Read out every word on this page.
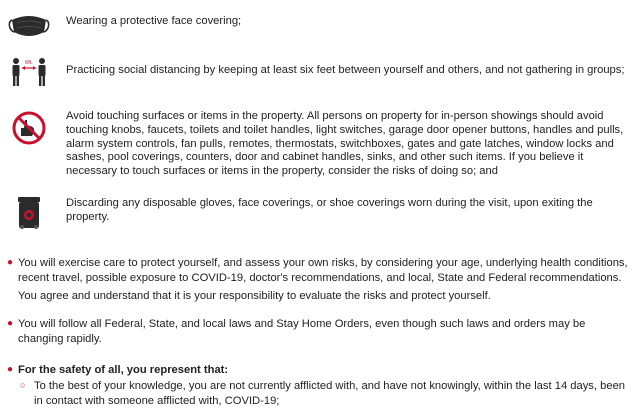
Wearing a protective face covering;

6ft.

Practicing social distancing by keeping at least six feet between yourself and others, and not gathering in groups;

Avoid touching surfaces or items in the property. All persons on property for in-person showings should avoid touching knobs, faucets, toilets and toilet handles, light switches, garage door opener buttons, handles and pulls, alarm system controls, fan pulls, remotes, thermostats, switchboxes, gates and gate latches, window locks and sashes, pool coverings, counters, door and cabinet handles, sinks, and other such items. If you believe it necessary to touch surfaces or items in the property, consider the risks of doing so; and

Discarding any disposable gloves, face coverings, or shoe coverings worn during the visit, upon exiting the property.

● You will exercise care to protect yourself, and assess your own risks, by considering your age, underlying health conditions, recent travel, possible exposure to COVID-19, doctor's recommendations, and local, State and Federal recommendations.

You agree and understand that it is your responsibility to evaluate the risks and protect yourself.

● You will follow all Federal, State, and local laws and Stay Home Orders, even though such laws and orders may be changing rapidly.

● For the safety of all, you represent that:

○ To the best of your knowledge, you are not currently afflicted with, and have not knowingly, within the last 14 days, been in contact with someone afflicted with, COVID-19;
